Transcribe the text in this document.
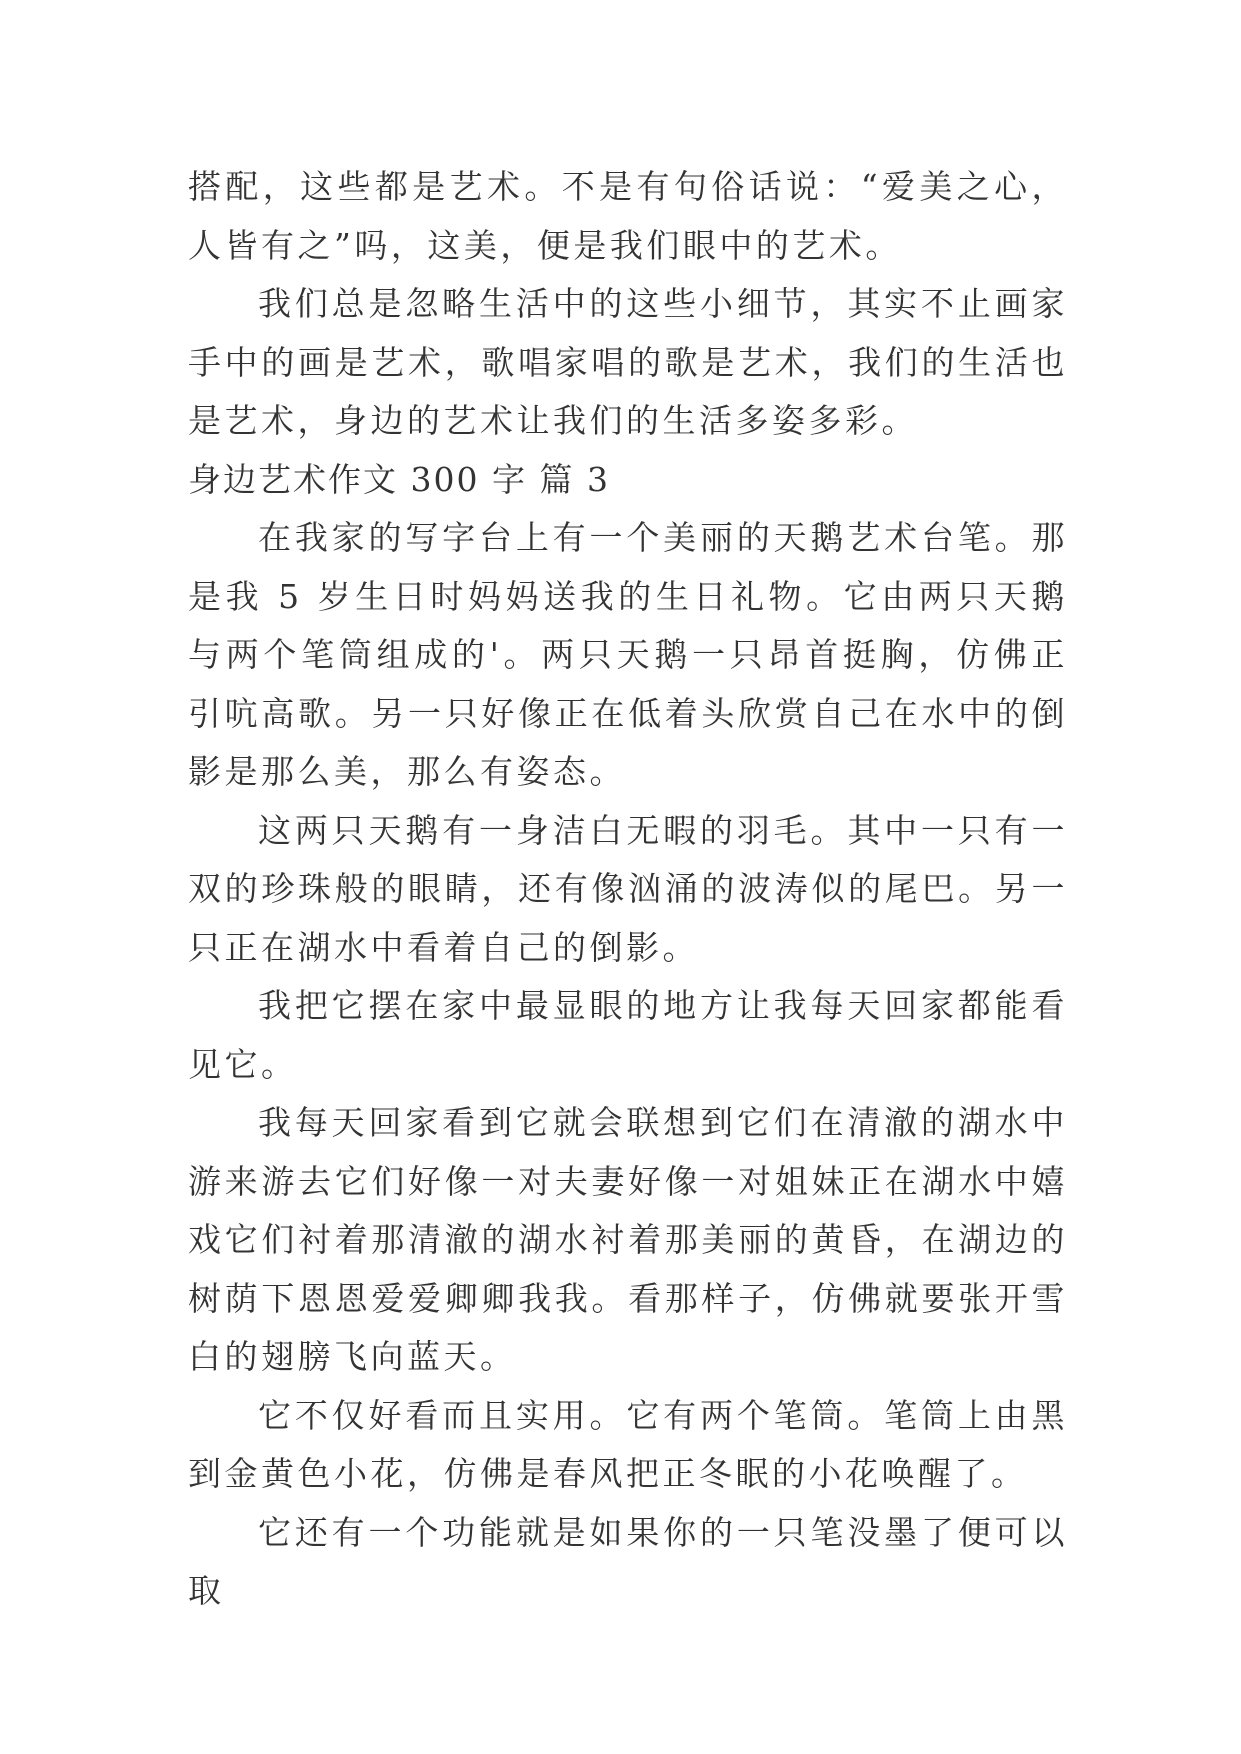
搭配，这些都是艺术。不是有句俗话说：“爱美之心，人皆有之”吗，这美，便是我们眼中的艺术。

我们总是忽略生活中的这些小细节，其实不止画家手中的画是艺术，歌唱家唱的歌是艺术，我们的生活也是艺术，身边的艺术让我们的生活多姿多彩。

身边艺术作文 300 字 篇 3

在我家的写字台上有一个美丽的天鹅艺术台笔。那是我 5 岁生日时妈妈送我的生日礼物。它由两只天鹅与两个笔筒组成的'。两只天鹅一只昂首挺胸，仿佛正引吭高歌。另一只好像正在低着头欣赏自己在水中的倒影是那么美，那么有姿态。

这两只天鹅有一身洁白无暇的羽毛。其中一只有一双的珍珠般的眼睛，还有像汹涌的波涛似的尾巴。另一只正在湖水中看着自己的倒影。

我把它摆在家中最显眼的地方让我每天回家都能看见它。

我每天回家看到它就会联想到它们在清澈的湖水中游来游去它们好像一对夫妻好像一对姐妹正在湖水中嬉戏它们衬着那清澈的湖水衬着那美丽的黄昏，在湖边的树荫下恩恩爱爱卿卿我我。看那样子，仿佛就要张开雪白的翅膀飞向蓝天。

它不仅好看而且实用。它有两个笔筒。笔筒上由黑到金黄色小花，仿佛是春风把正冬眠的小花唤醒了。

它还有一个功能就是如果你的一只笔没墨了便可以取
